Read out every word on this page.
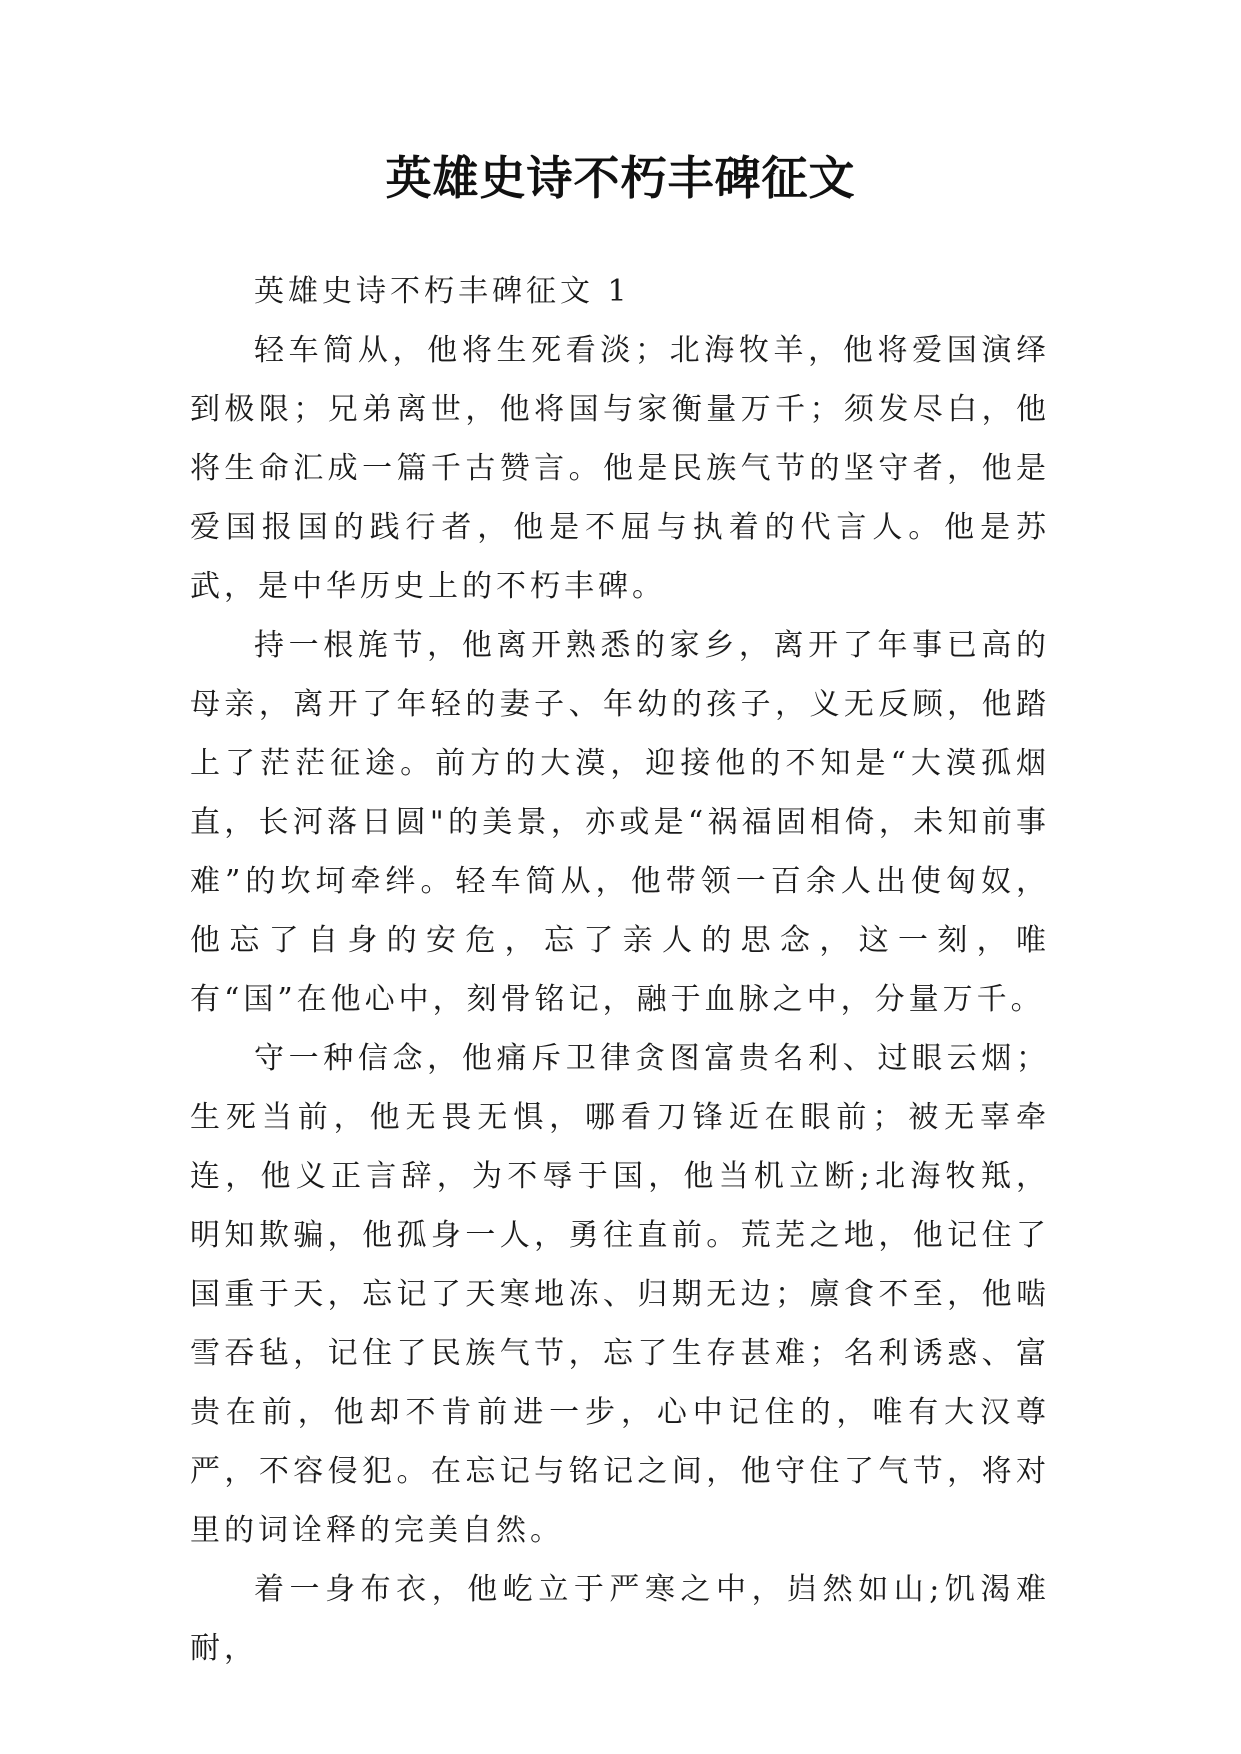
英雄史诗不朽丰碑征文

英雄史诗不朽丰碑征文 1

轻车简从，他将生死看淡；北海牧羊，他将爱国演绎到极限；兄弟离世，他将国与家衡量万千；须发尽白，他将生命汇成一篇千古赞言。他是民族气节的坚守者，他是爱国报国的践行者，他是不屈与执着的代言人。他是苏武，是中华历史上的不朽丰碑。

持一根旄节，他离开熟悉的家乡，离开了年事已高的母亲，离开了年轻的妻子、年幼的孩子，义无反顾，他踏上了茫茫征途。前方的大漠，迎接他的不知是“大漠孤烟直，长河落日圆"的美景，亦或是“祸福固相倚，未知前事难”的坎坷牵绊。轻车简从，他带领一百余人出使匈奴，他忘了自身的安危，忘了亲人的思念，这一刻，唯有“国”在他心中，刻骨铭记，融于血脉之中，分量万千。

守一种信念，他痛斥卫律贪图富贵名利、过眼云烟；生死当前，他无畏无惧，哪看刀锋近在眼前；被无辜牵连，他义正言辞，为不辱于国，他当机立断;北海牧羝，明知欺骗，他孤身一人，勇往直前。荒芜之地，他记住了国重于天，忘记了天寒地冻、归期无边；廪食不至，他啮雪吞毡，记住了民族气节，忘了生存甚难；名利诱惑、富贵在前，他却不肯前进一步，心中记住的，唯有大汉尊严，不容侵犯。在忘记与铭记之间，他守住了气节，将对里的词诠释的完美自然。

着一身布衣，他屹立于严寒之中，岿然如山;饥渴难耐，
